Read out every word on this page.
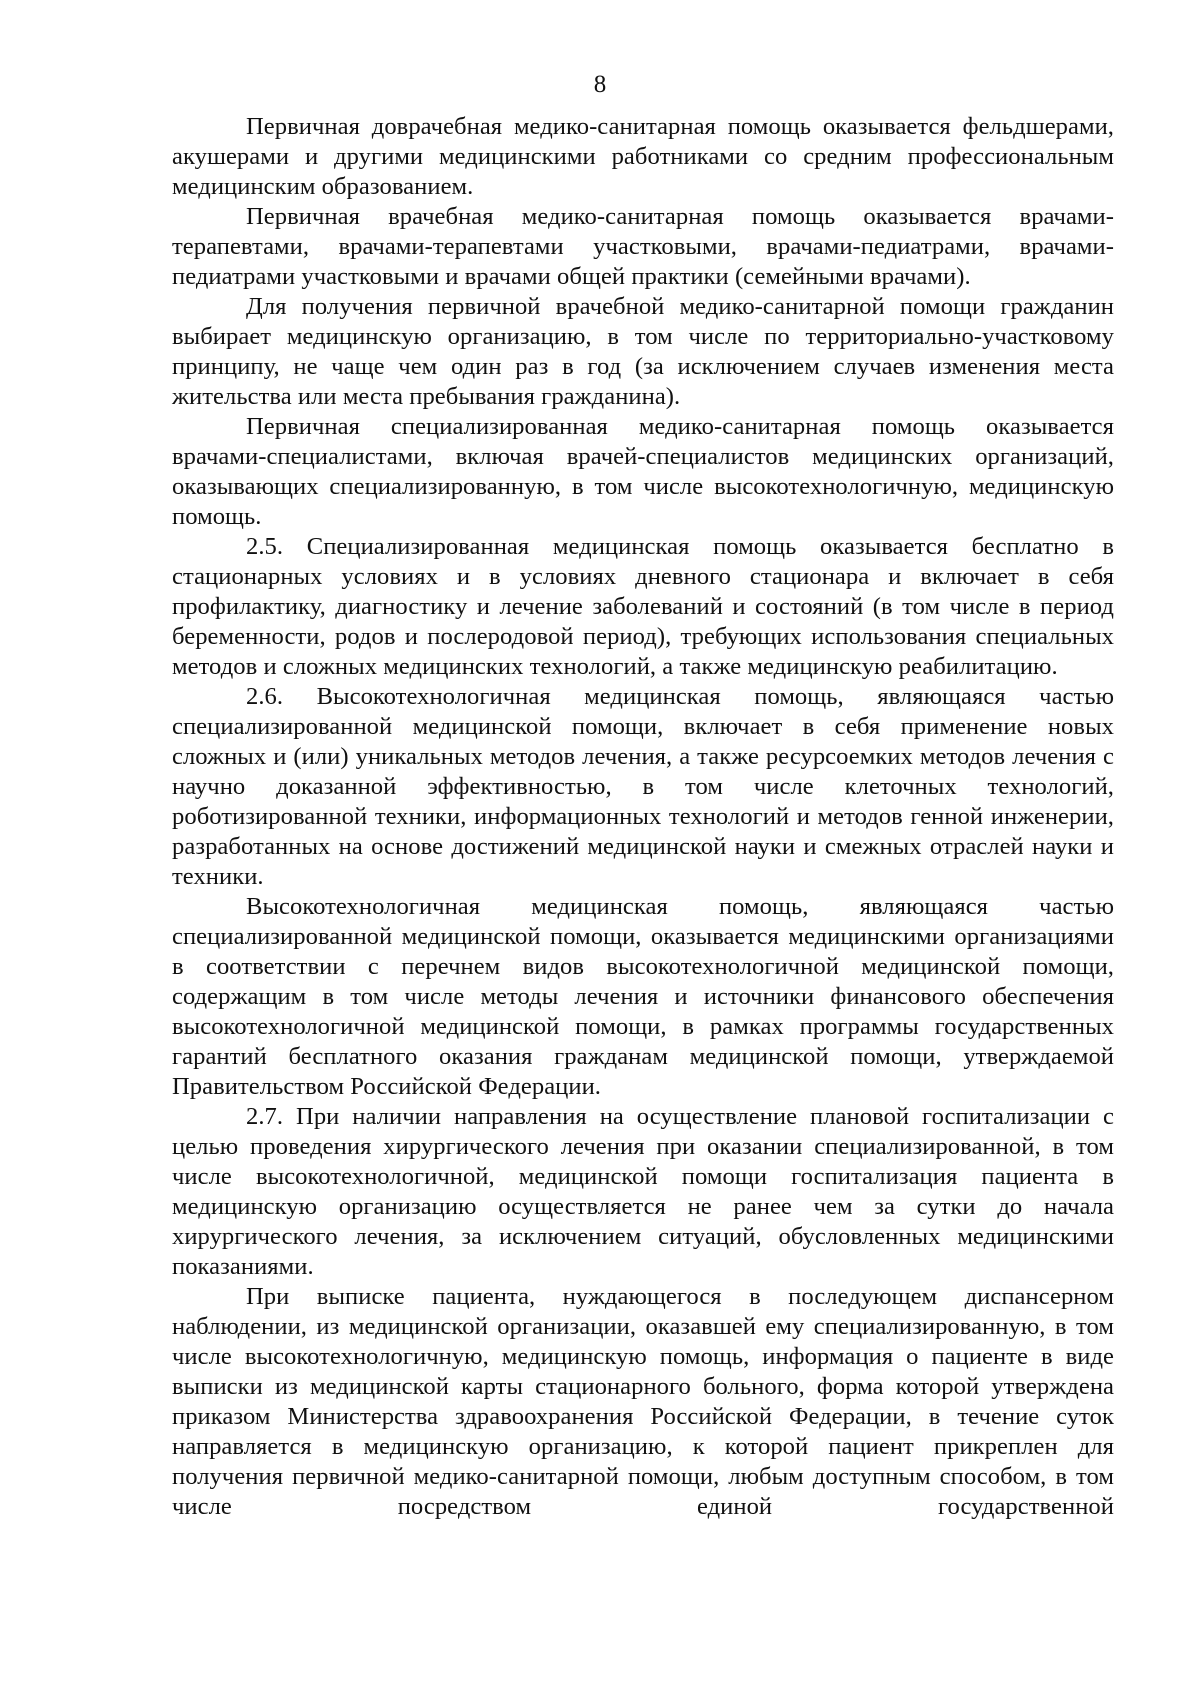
8

Первичная доврачебная медико-санитарная помощь оказывается фельдшерами, акушерами и другими медицинскими работниками со средним профессиональным медицинским образованием.

Первичная врачебная медико-санитарная помощь оказывается врачами-терапевтами, врачами-терапевтами участковыми, врачами-педиатрами, врачами-педиатрами участковыми и врачами общей практики (семейными врачами).

Для получения первичной врачебной медико-санитарной помощи гражданин выбирает медицинскую организацию, в том числе по территориально-участковому принципу, не чаще чем один раз в год (за исключением случаев изменения места жительства или места пребывания гражданина).

Первичная специализированная медико-санитарная помощь оказывается врачами-специалистами, включая врачей-специалистов медицинских организаций, оказывающих специализированную, в том числе высокотехнологичную, медицинскую помощь.

2.5. Специализированная медицинская помощь оказывается бесплатно в стационарных условиях и в условиях дневного стационара и включает в себя профилактику, диагностику и лечение заболеваний и состояний (в том числе в период беременности, родов и послеродовой период), требующих использования специальных методов и сложных медицинских технологий, а также медицинскую реабилитацию.

2.6. Высокотехнологичная медицинская помощь, являющаяся частью специализированной медицинской помощи, включает в себя применение новых сложных и (или) уникальных методов лечения, а также ресурсоемких методов лечения с научно доказанной эффективностью, в том числе клеточных технологий, роботизированной техники, информационных технологий и методов генной инженерии, разработанных на основе достижений медицинской науки и смежных отраслей науки и техники.

Высокотехнологичная медицинская помощь, являющаяся частью специализированной медицинской помощи, оказывается медицинскими организациями в соответствии с перечнем видов высокотехнологичной медицинской помощи, содержащим в том числе методы лечения и источники финансового обеспечения высокотехнологичной медицинской помощи, в рамках программы государственных гарантий бесплатного оказания гражданам медицинской помощи, утверждаемой Правительством Российской Федерации.

2.7. При наличии направления на осуществление плановой госпитализации с целью проведения хирургического лечения при оказании специализированной, в том числе высокотехнологичной, медицинской помощи госпитализация пациента в медицинскую организацию осуществляется не ранее чем за сутки до начала хирургического лечения, за исключением ситуаций, обусловленных медицинскими показаниями.

При выписке пациента, нуждающегося в последующем диспансерном наблюдении, из медицинской организации, оказавшей ему специализированную, в том числе высокотехнологичную, медицинскую помощь, информация о пациенте в виде выписки из медицинской карты стационарного больного, форма которой утверждена приказом Министерства здравоохранения Российской Федерации, в течение суток направляется в медицинскую организацию, к которой пациент прикреплен для получения первичной медико-санитарной помощи, любым доступным способом, в том числе посредством единой государственной
